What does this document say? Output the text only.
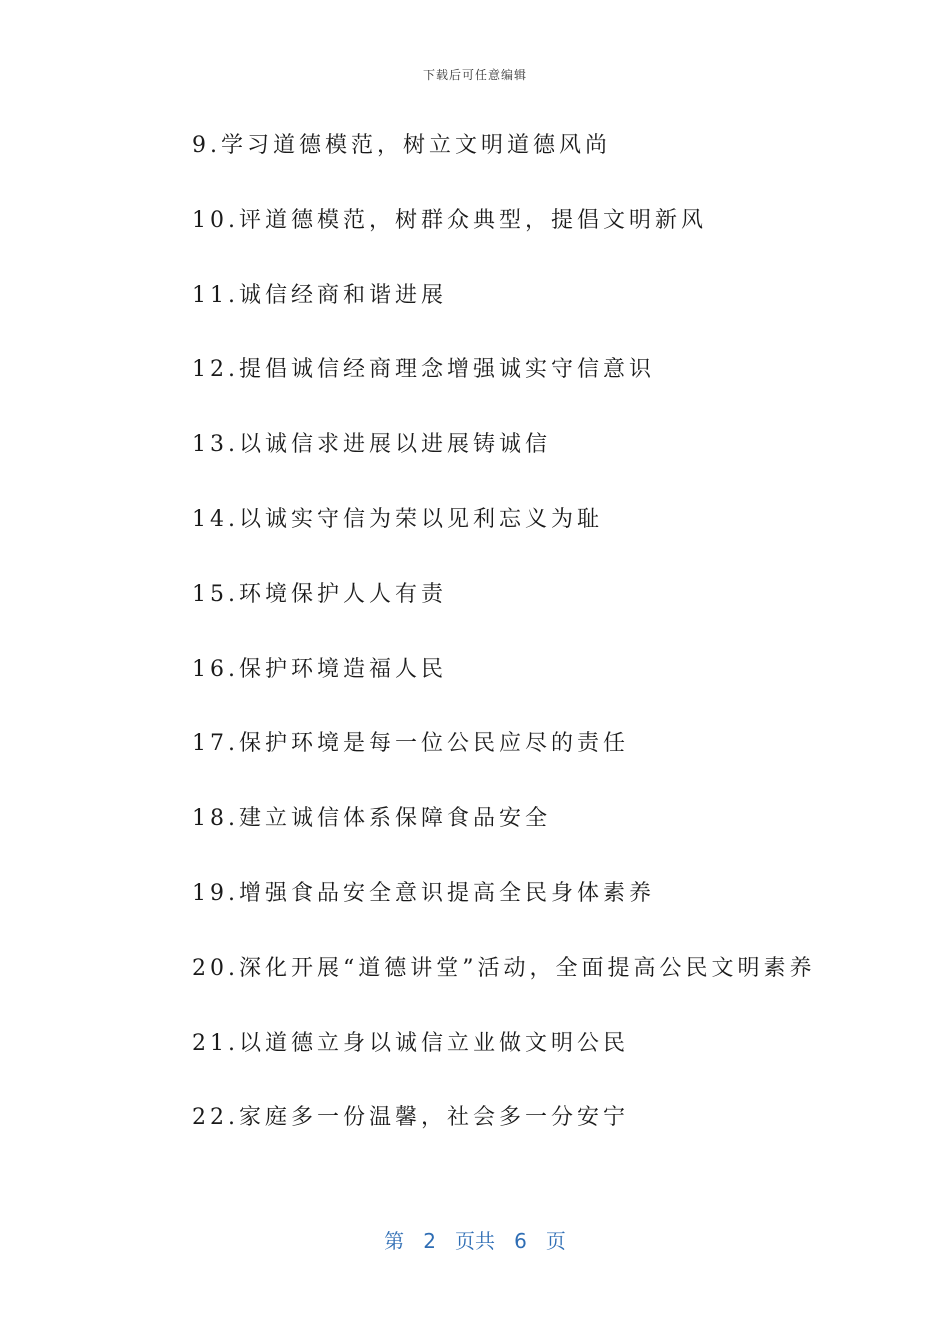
下载后可任意编辑
9.学习道德模范，树立文明道德风尚
10.评道德模范，树群众典型，提倡文明新风
11.诚信经商和谐进展
12.提倡诚信经商理念增强诚实守信意识
13.以诚信求进展以进展铸诚信
14.以诚实守信为荣以见利忘义为耻
15.环境保护人人有责
16.保护环境造福人民
17.保护环境是每一位公民应尽的责任
18.建立诚信体系保障食品安全
19.增强食品安全意识提高全民身体素养
20.深化开展“道德讲堂”活动，全面提高公民文明素养
21.以道德立身以诚信立业做文明公民
22.家庭多一份温馨，社会多一分安宁
第 2 页共 6 页
